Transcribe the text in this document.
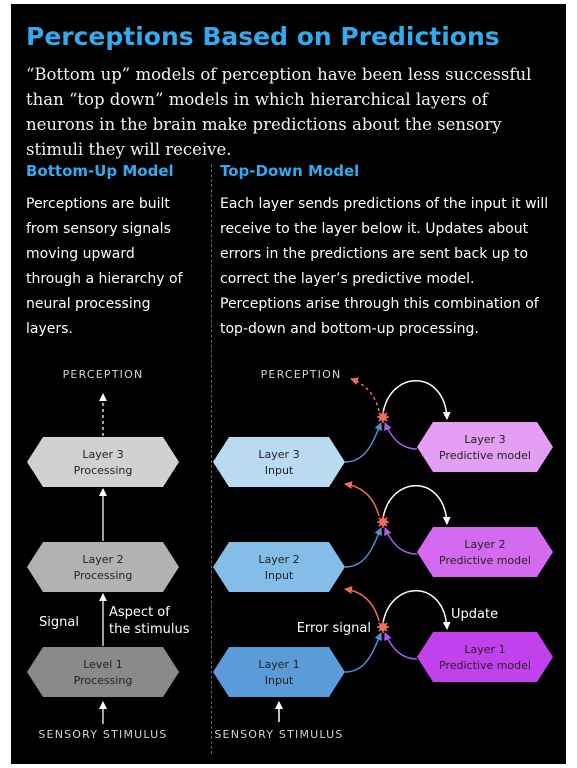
Perceptions Based on Predictions

“Bottom up” models of perception have been less successful than “top down” models in which hierarchical layers of neurons in the brain make predictions about the sensory stimuli they will receive.

Bottom-Up Model

Perceptions are built from sensory signals moving upward through a hierarchy of neural processing layers.

Top-Down Model

Each layer sends predictions of the input it will receive to the layer below it. Updates about errors in the predictions are sent back up to correct the layer’s predictive model. Perceptions arise through this combination of top-down and bottom-up processing.

PERCEPTION
SENSORY STIMULUS
Layer 3
Processing
Layer 2
Processing
Level 1
Processing
Signal
Aspect of
the stimulus
PERCEPTION
SENSORY STIMULUS
Layer 3
Input
Layer 2
Input
Layer 1
Input
Layer 3
Predictive model
Layer 2
Predictive model
Layer 1
Predictive model
Error signal
Update
